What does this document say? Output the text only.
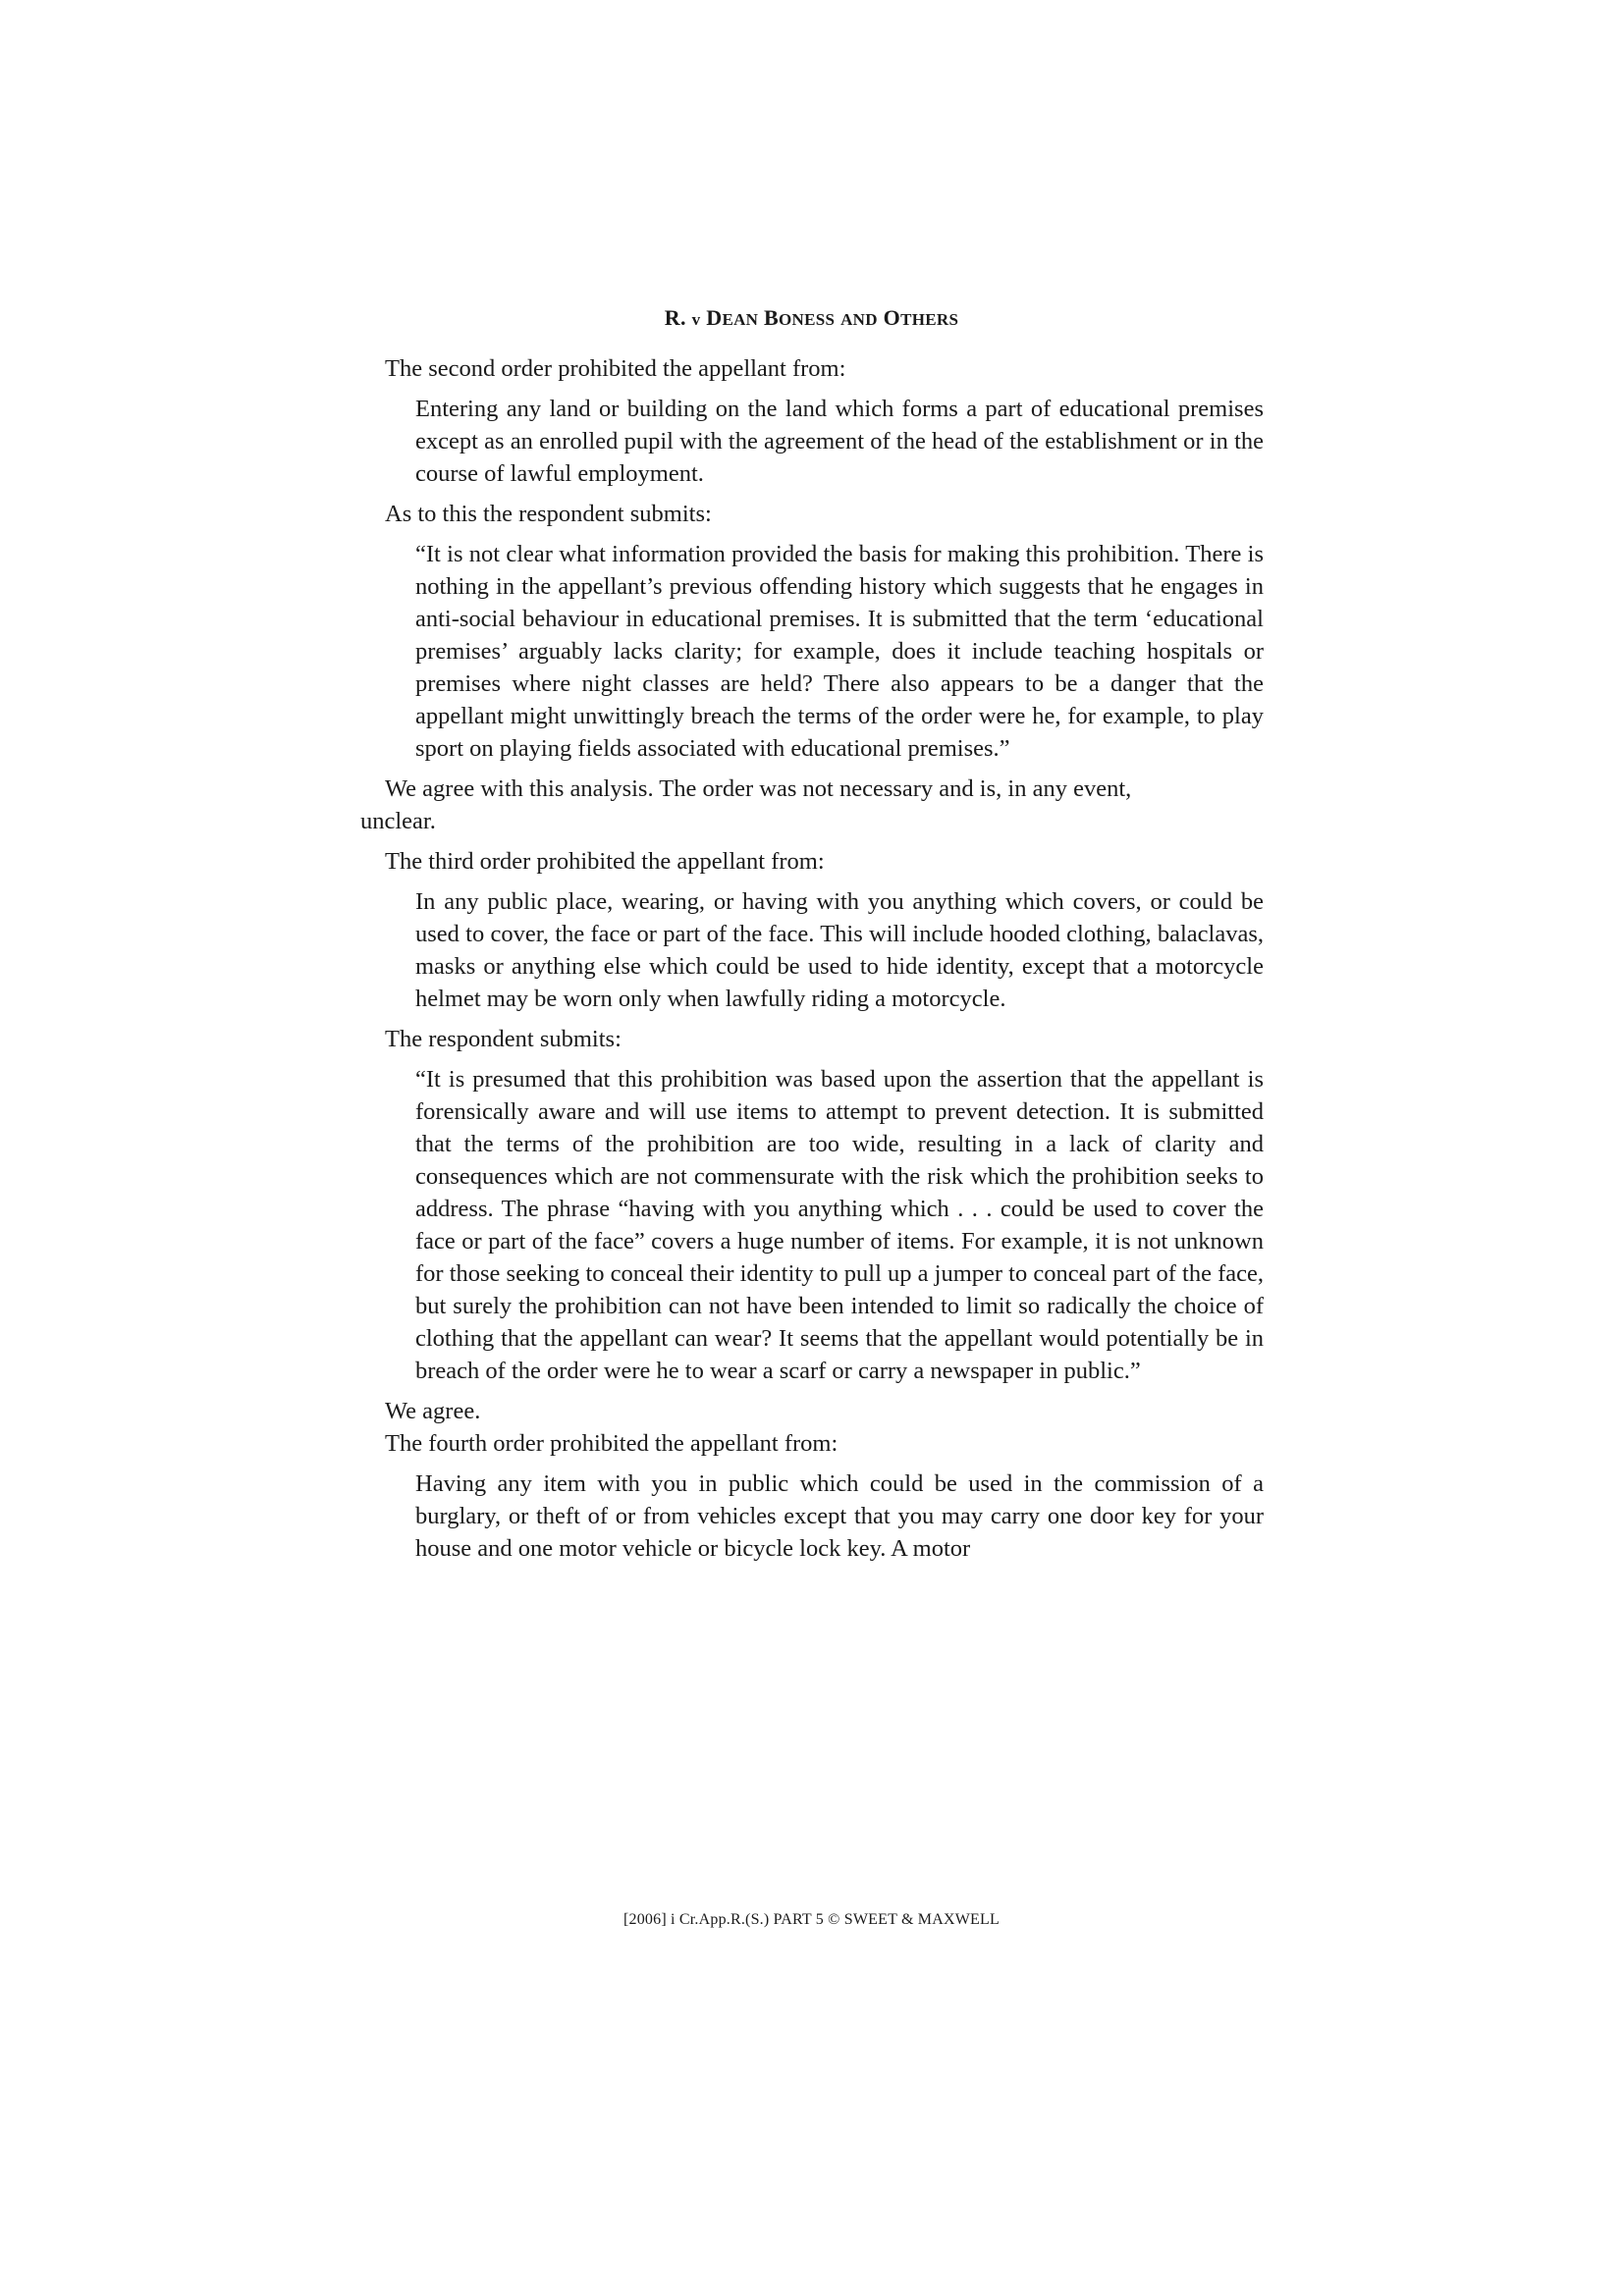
R. v DEAN BONESS AND OTHERS

The second order prohibited the appellant from:

Entering any land or building on the land which forms a part of educational premises except as an enrolled pupil with the agreement of the head of the establishment or in the course of lawful employment.

As to this the respondent submits:

“It is not clear what information provided the basis for making this prohibition. There is nothing in the appellant’s previous offending history which suggests that he engages in anti-social behaviour in educational premises. It is submitted that the term ‘educational premises’ arguably lacks clarity; for example, does it include teaching hospitals or premises where night classes are held? There also appears to be a danger that the appellant might unwittingly breach the terms of the order were he, for example, to play sport on playing fields associated with educational premises.”

We agree with this analysis. The order was not necessary and is, in any event,
unclear.

The third order prohibited the appellant from:

In any public place, wearing, or having with you anything which covers, or could be used to cover, the face or part of the face. This will include hooded clothing, balaclavas, masks or anything else which could be used to hide identity, except that a motorcycle helmet may be worn only when lawfully riding a motorcycle.

The respondent submits:

“It is presumed that this prohibition was based upon the assertion that the appellant is forensically aware and will use items to attempt to prevent detection. It is submitted that the terms of the prohibition are too wide, resulting in a lack of clarity and consequences which are not commensurate with the risk which the prohibition seeks to address. The phrase “having with you anything which . . . could be used to cover the face or part of the face” covers a huge number of items. For example, it is not unknown for those seeking to conceal their identity to pull up a jumper to conceal part of the face, but surely the prohibition can not have been intended to limit so radically the choice of clothing that the appellant can wear? It seems that the appellant would potentially be in breach of the order were he to wear a scarf or carry a newspaper in public.”

We agree.

The fourth order prohibited the appellant from:

Having any item with you in public which could be used in the commission of a burglary, or theft of or from vehicles except that you may carry one door key for your house and one motor vehicle or bicycle lock key. A motor

[2006] i Cr.App.R.(S.) PART 5 © SWEET & MAXWELL
